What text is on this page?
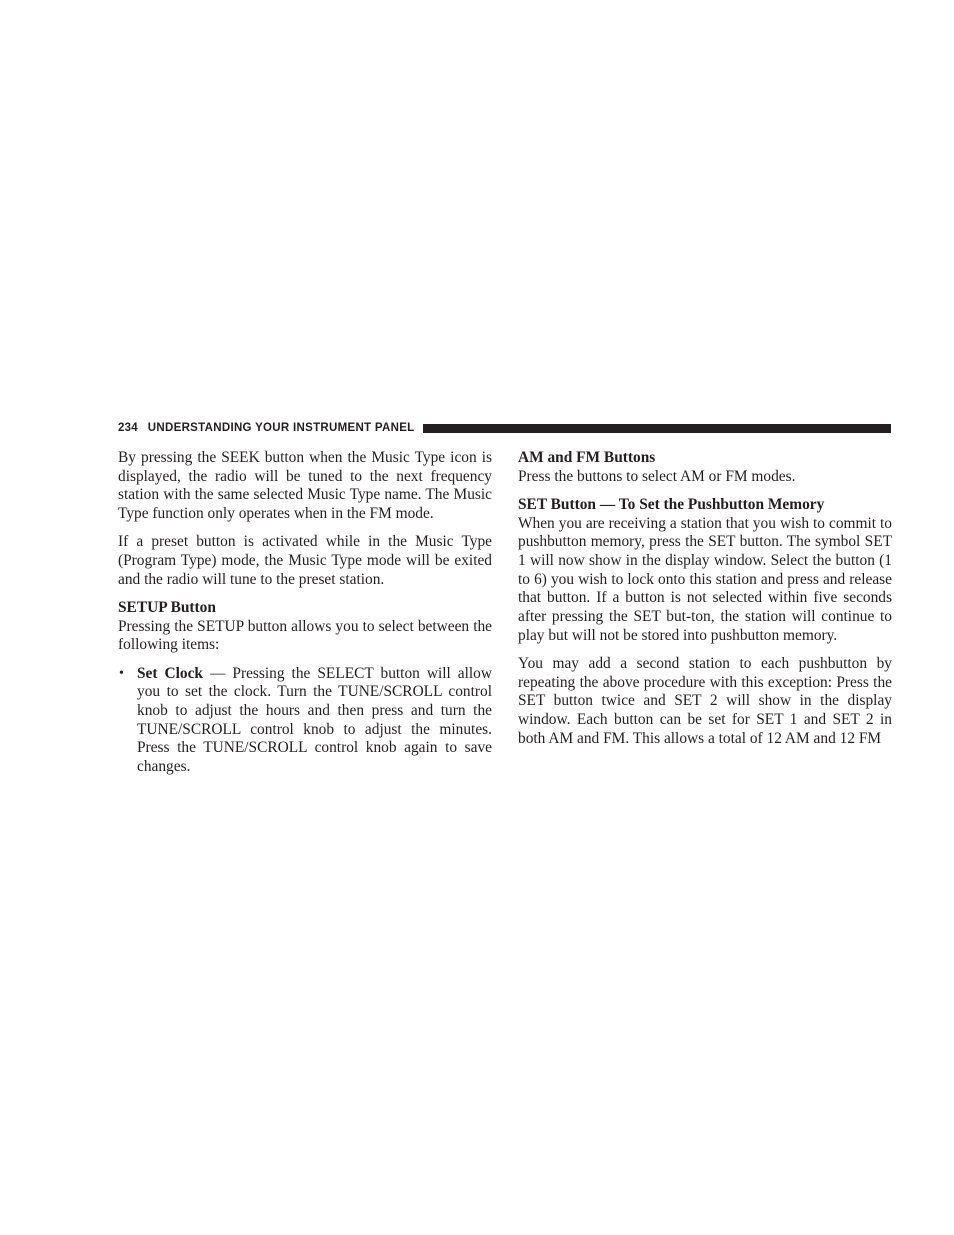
234 UNDERSTANDING YOUR INSTRUMENT PANEL

By pressing the SEEK button when the Music Type icon is displayed, the radio will be tuned to the next frequency station with the same selected Music Type name. The Music Type function only operates when in the FM mode.

If a preset button is activated while in the Music Type (Program Type) mode, the Music Type mode will be exited and the radio will tune to the preset station.

SETUP Button

Pressing the SETUP button allows you to select between the following items:

• Set Clock — Pressing the SELECT button will allow you to set the clock. Turn the TUNE/SCROLL control knob to adjust the hours and then press and turn the TUNE/SCROLL control knob to adjust the minutes. Press the TUNE/SCROLL control knob again to save changes.
AM and FM Buttons

Press the buttons to select AM or FM modes.

SET Button — To Set the Pushbutton Memory

When you are receiving a station that you wish to commit to pushbutton memory, press the SET button. The symbol SET 1 will now show in the display window. Select the button (1 to 6) you wish to lock onto this station and press and release that button. If a button is not selected within five seconds after pressing the SET but-ton, the station will continue to play but will not be stored into pushbutton memory.

You may add a second station to each pushbutton by repeating the above procedure with this exception: Press the SET button twice and SET 2 will show in the display window. Each button can be set for SET 1 and SET 2 in both AM and FM. This allows a total of 12 AM and 12 FM
